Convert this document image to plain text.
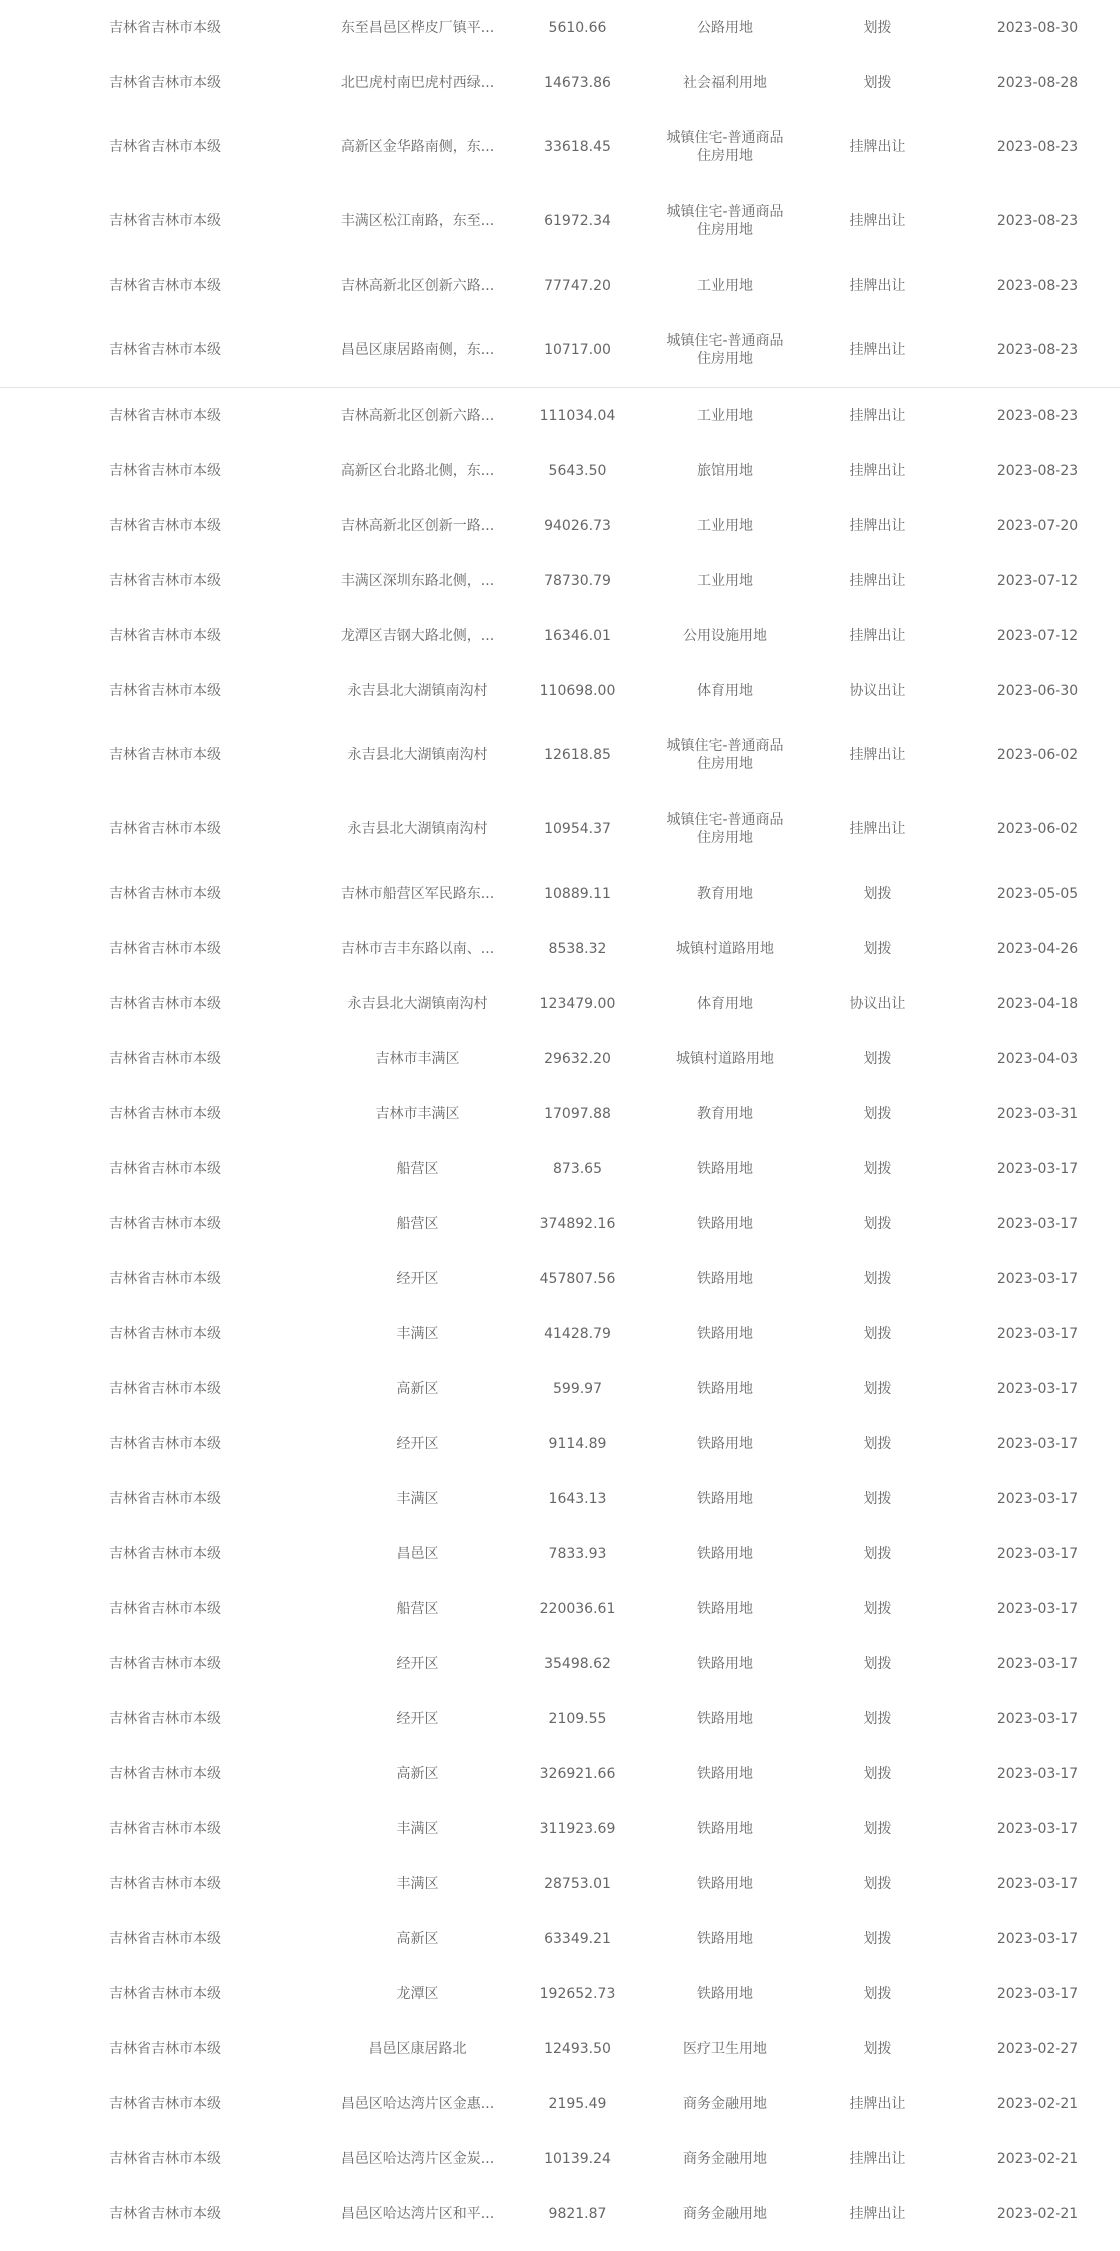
吉林省吉林市本级	东至昌邑区桦皮厂镇平...	5610.66	公路用地	划拨	2023-08-30
吉林省吉林市本级	北巴虎村南巴虎村西绿...	14673.86	社会福利用地	划拨	2023-08-28
吉林省吉林市本级	高新区金华路南侧，东...	33618.45	城镇住宅-普通商品住房用地	挂牌出让	2023-08-23
吉林省吉林市本级	丰满区松江南路，东至...	61972.34	城镇住宅-普通商品住房用地	挂牌出让	2023-08-23
吉林省吉林市本级	吉林高新北区创新六路...	77747.20	工业用地	挂牌出让	2023-08-23
吉林省吉林市本级	昌邑区康居路南侧，东...	10717.00	城镇住宅-普通商品住房用地	挂牌出让	2023-08-23
吉林省吉林市本级	吉林高新北区创新六路...	111034.04	工业用地	挂牌出让	2023-08-23
吉林省吉林市本级	高新区台北路北侧，东...	5643.50	旅馆用地	挂牌出让	2023-08-23
吉林省吉林市本级	吉林高新北区创新一路...	94026.73	工业用地	挂牌出让	2023-07-20
吉林省吉林市本级	丰满区深圳东路北侧，...	78730.79	工业用地	挂牌出让	2023-07-12
吉林省吉林市本级	龙潭区吉钢大路北侧，...	16346.01	公用设施用地	挂牌出让	2023-07-12
吉林省吉林市本级	永吉县北大湖镇南沟村	110698.00	体育用地	协议出让	2023-06-30
吉林省吉林市本级	永吉县北大湖镇南沟村	12618.85	城镇住宅-普通商品住房用地	挂牌出让	2023-06-02
吉林省吉林市本级	永吉县北大湖镇南沟村	10954.37	城镇住宅-普通商品住房用地	挂牌出让	2023-06-02
吉林省吉林市本级	吉林市船营区军民路东...	10889.11	教育用地	划拨	2023-05-05
吉林省吉林市本级	吉林市吉丰东路以南、...	8538.32	城镇村道路用地	划拨	2023-04-26
吉林省吉林市本级	永吉县北大湖镇南沟村	123479.00	体育用地	协议出让	2023-04-18
吉林省吉林市本级	吉林市丰满区	29632.20	城镇村道路用地	划拨	2023-04-03
吉林省吉林市本级	吉林市丰满区	17097.88	教育用地	划拨	2023-03-31
吉林省吉林市本级	船营区	873.65	铁路用地	划拨	2023-03-17
吉林省吉林市本级	船营区	374892.16	铁路用地	划拨	2023-03-17
吉林省吉林市本级	经开区	457807.56	铁路用地	划拨	2023-03-17
吉林省吉林市本级	丰满区	41428.79	铁路用地	划拨	2023-03-17
吉林省吉林市本级	高新区	599.97	铁路用地	划拨	2023-03-17
吉林省吉林市本级	经开区	9114.89	铁路用地	划拨	2023-03-17
吉林省吉林市本级	丰满区	1643.13	铁路用地	划拨	2023-03-17
吉林省吉林市本级	昌邑区	7833.93	铁路用地	划拨	2023-03-17
吉林省吉林市本级	船营区	220036.61	铁路用地	划拨	2023-03-17
吉林省吉林市本级	经开区	35498.62	铁路用地	划拨	2023-03-17
吉林省吉林市本级	经开区	2109.55	铁路用地	划拨	2023-03-17
吉林省吉林市本级	高新区	326921.66	铁路用地	划拨	2023-03-17
吉林省吉林市本级	丰满区	311923.69	铁路用地	划拨	2023-03-17
吉林省吉林市本级	丰满区	28753.01	铁路用地	划拨	2023-03-17
吉林省吉林市本级	高新区	63349.21	铁路用地	划拨	2023-03-17
吉林省吉林市本级	龙潭区	192652.73	铁路用地	划拨	2023-03-17
吉林省吉林市本级	昌邑区康居路北	12493.50	医疗卫生用地	划拨	2023-02-27
吉林省吉林市本级	昌邑区哈达湾片区金惠...	2195.49	商务金融用地	挂牌出让	2023-02-21
吉林省吉林市本级	昌邑区哈达湾片区金炭...	10139.24	商务金融用地	挂牌出让	2023-02-21
吉林省吉林市本级	昌邑区哈达湾片区和平...	9821.87	商务金融用地	挂牌出让	2023-02-21
